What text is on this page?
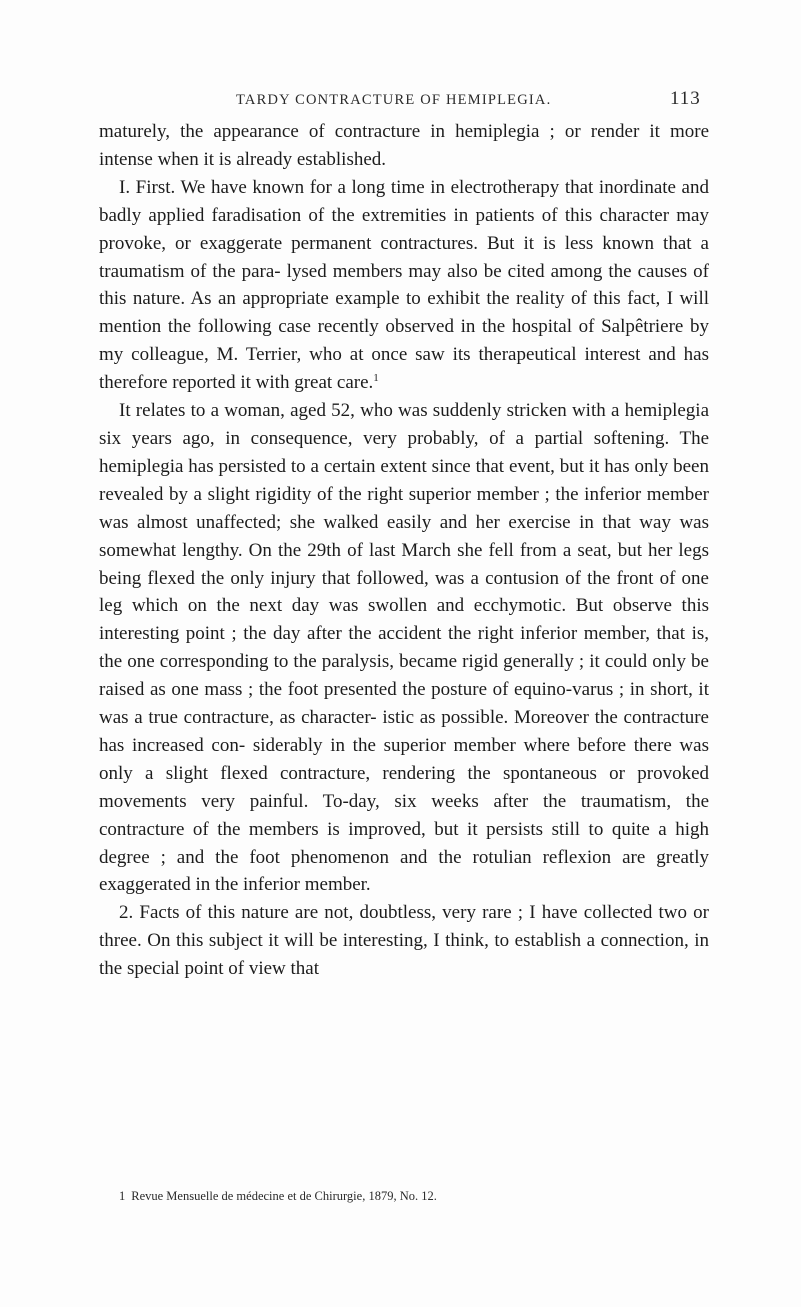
TARDY CONTRACTURE OF HEMIPLEGIA.	113

maturely, the appearance of contracture in hemiplegia ; or render it more intense when it is already established.

I. First. We have known for a long time in electrotherapy that inordinate and badly applied faradisation of the extremities in patients of this character may provoke, or exaggerate permanent contractures. But it is less known that a traumatism of the para- lysed members may also be cited among the causes of this nature. As an appropriate example to exhibit the reality of this fact, I will mention the following case recently observed in the hospital of Salpêtriere by my colleague, M. Terrier, who at once saw its therapeutical interest and has therefore reported it with great care.$^1$

It relates to a woman, aged 52, who was suddenly stricken with a hemiplegia six years ago, in consequence, very probably, of a partial softening. The hemiplegia has persisted to a certain extent since that event, but it has only been revealed by a slight rigidity of the right superior member ; the inferior member was almost unaffected; she walked easily and her exercise in that way was somewhat lengthy. On the 29th of last March she fell from a seat, but her legs being flexed the only injury that followed, was a contusion of the front of one leg which on the next day was swollen and ecchymotic. But observe this interesting point ; the day after the accident the right inferior member, that is, the one corresponding to the paralysis, became rigid generally ; it could only be raised as one mass ; the foot presented the posture of equino-varus ; in short, it was a true contracture, as character- istic as possible. Moreover the contracture has increased con- siderably in the superior member where before there was only a slight flexed contracture, rendering the spontaneous or provoked movements very painful. To-day, six weeks after the traumatism, the contracture of the members is improved, but it persists still to quite a high degree ; and the foot phenomenon and the rotulian reflexion are greatly exaggerated in the inferior member.

2. Facts of this nature are not, doubtless, very rare ; I have collected two or three. On this subject it will be interesting, I think, to establish a connection, in the special point of view that

1 Revue Mensuelle de médecine et de Chirurgie, 1879, No. 12.
